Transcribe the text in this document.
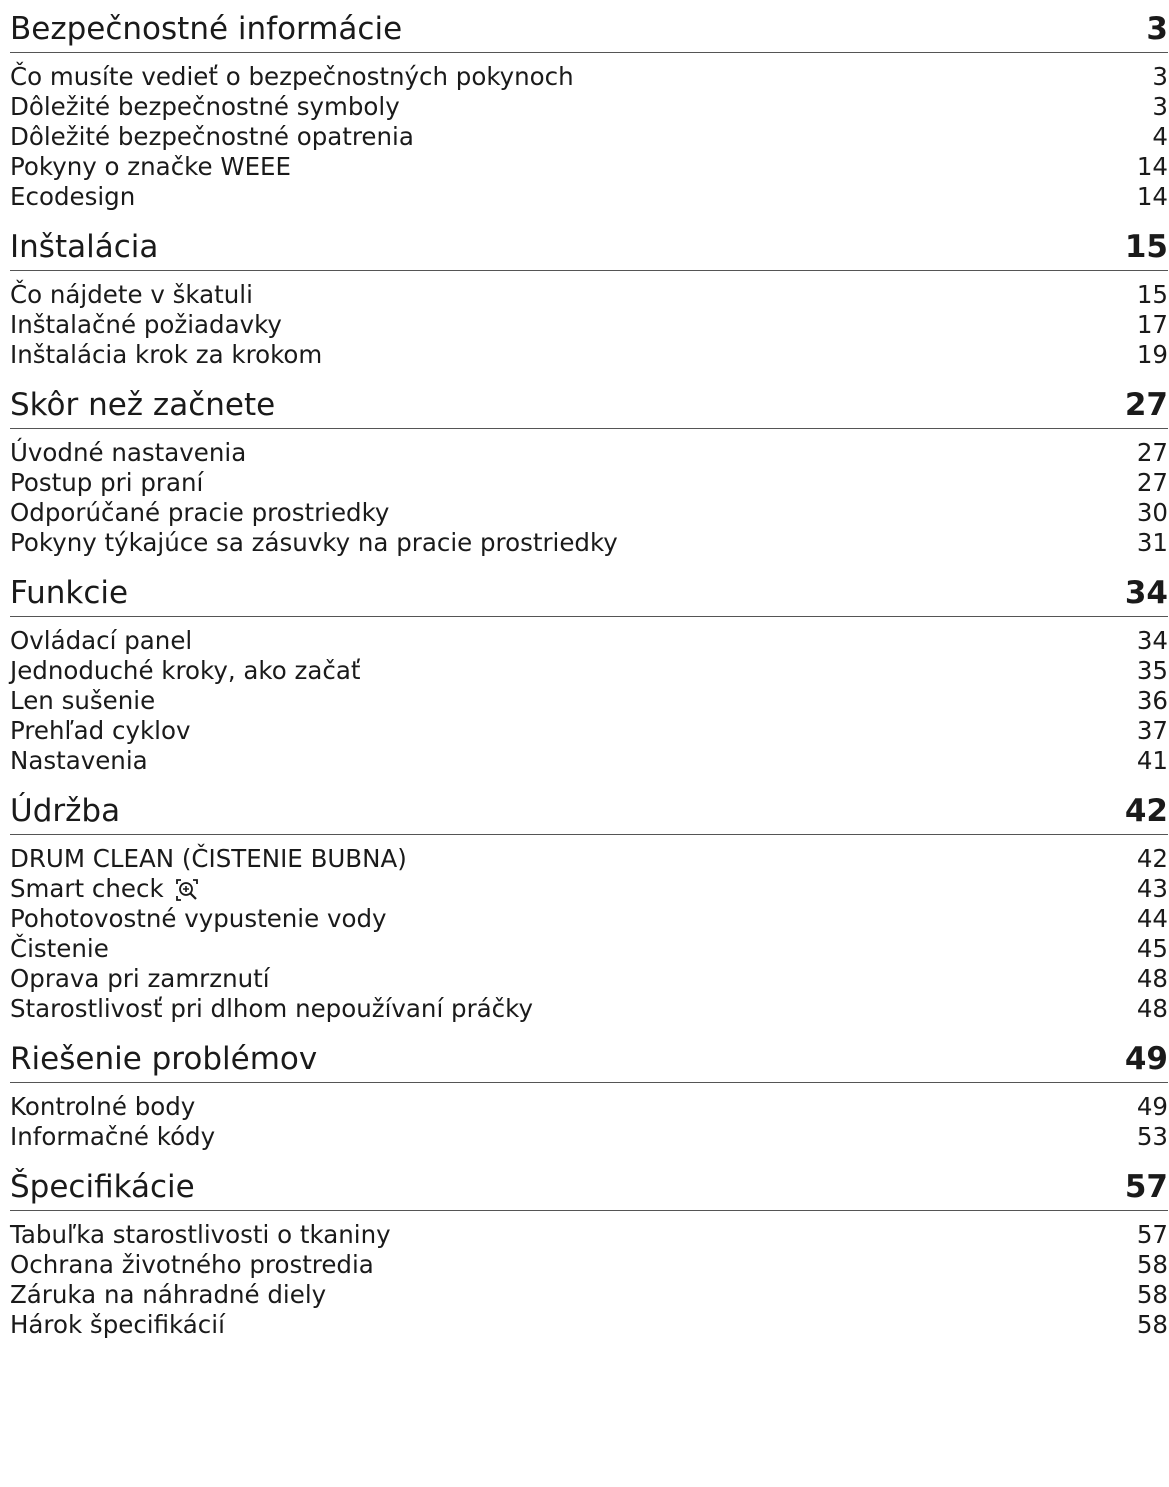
Bezpečnostné informácie	3
Čo musíte vedieť o bezpečnostných pokynoch	3
Dôležité bezpečnostné symboly	3
Dôležité bezpečnostné opatrenia	4
Pokyny o značke WEEE	14
Ecodesign	14
Inštalácia	15
Čo nájdete v škatuli	15
Inštalačné požiadavky	17
Inštalácia krok za krokom	19
Skôr než začnete	27
Úvodné nastavenia	27
Postup pri praní	27
Odporúčané pracie prostriedky	30
Pokyny týkajúce sa zásuvky na pracie prostriedky	31
Funkcie	34
Ovládací panel	34
Jednoduché kroky, ako začať	35
Len sušenie	36
Prehľad cyklov	37
Nastavenia	41
Údržba	42
DRUM CLEAN (ČISTENIE BUBNA)	42
Smart check	43
Pohotovostné vypustenie vody	44
Čistenie	45
Oprava pri zamrznutí	48
Starostlivosť pri dlhom nepoužívaní práčky	48
Riešenie problémov	49
Kontrolné body	49
Informačné kódy	53
Špecifikácie	57
Tabuľka starostlivosti o tkaniny	57
Ochrana životného prostredia	58
Záruka na náhradné diely	58
Hárok špecifikácií	58
